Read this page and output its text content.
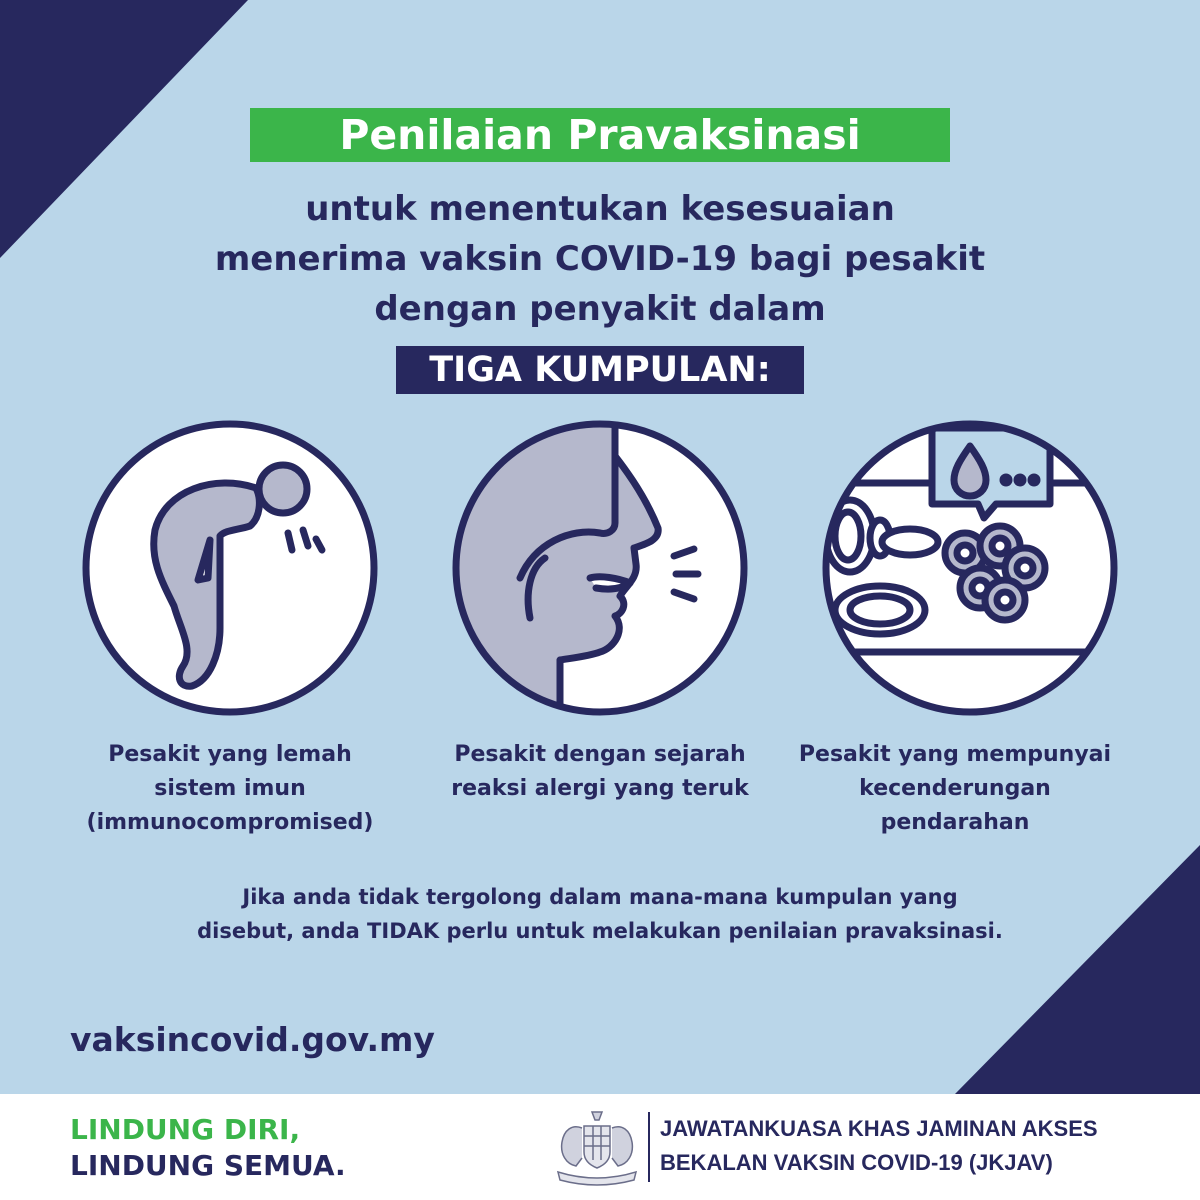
Penilaian Pravaksinasi
untuk menentukan kesesuaian
menerima vaksin COVID-19 bagi pesakit
dengan penyakit dalam
TIGA KUMPULAN:
Pesakit yang lemah
sistem imun
(immunocompromised)
Pesakit dengan sejarah
reaksi alergi yang teruk
Pesakit yang mempunyai
kecenderungan
pendarahan
Jika anda tidak tergolong dalam mana-mana kumpulan yang
disebut, anda TIDAK perlu untuk melakukan penilaian pravaksinasi.
vaksincovid.gov.my
LINDUNG DIRI,
LINDUNG SEMUA.
JAWATANKUASA KHAS JAMINAN AKSES
BEKALAN VAKSIN COVID-19 (JKJAV)
